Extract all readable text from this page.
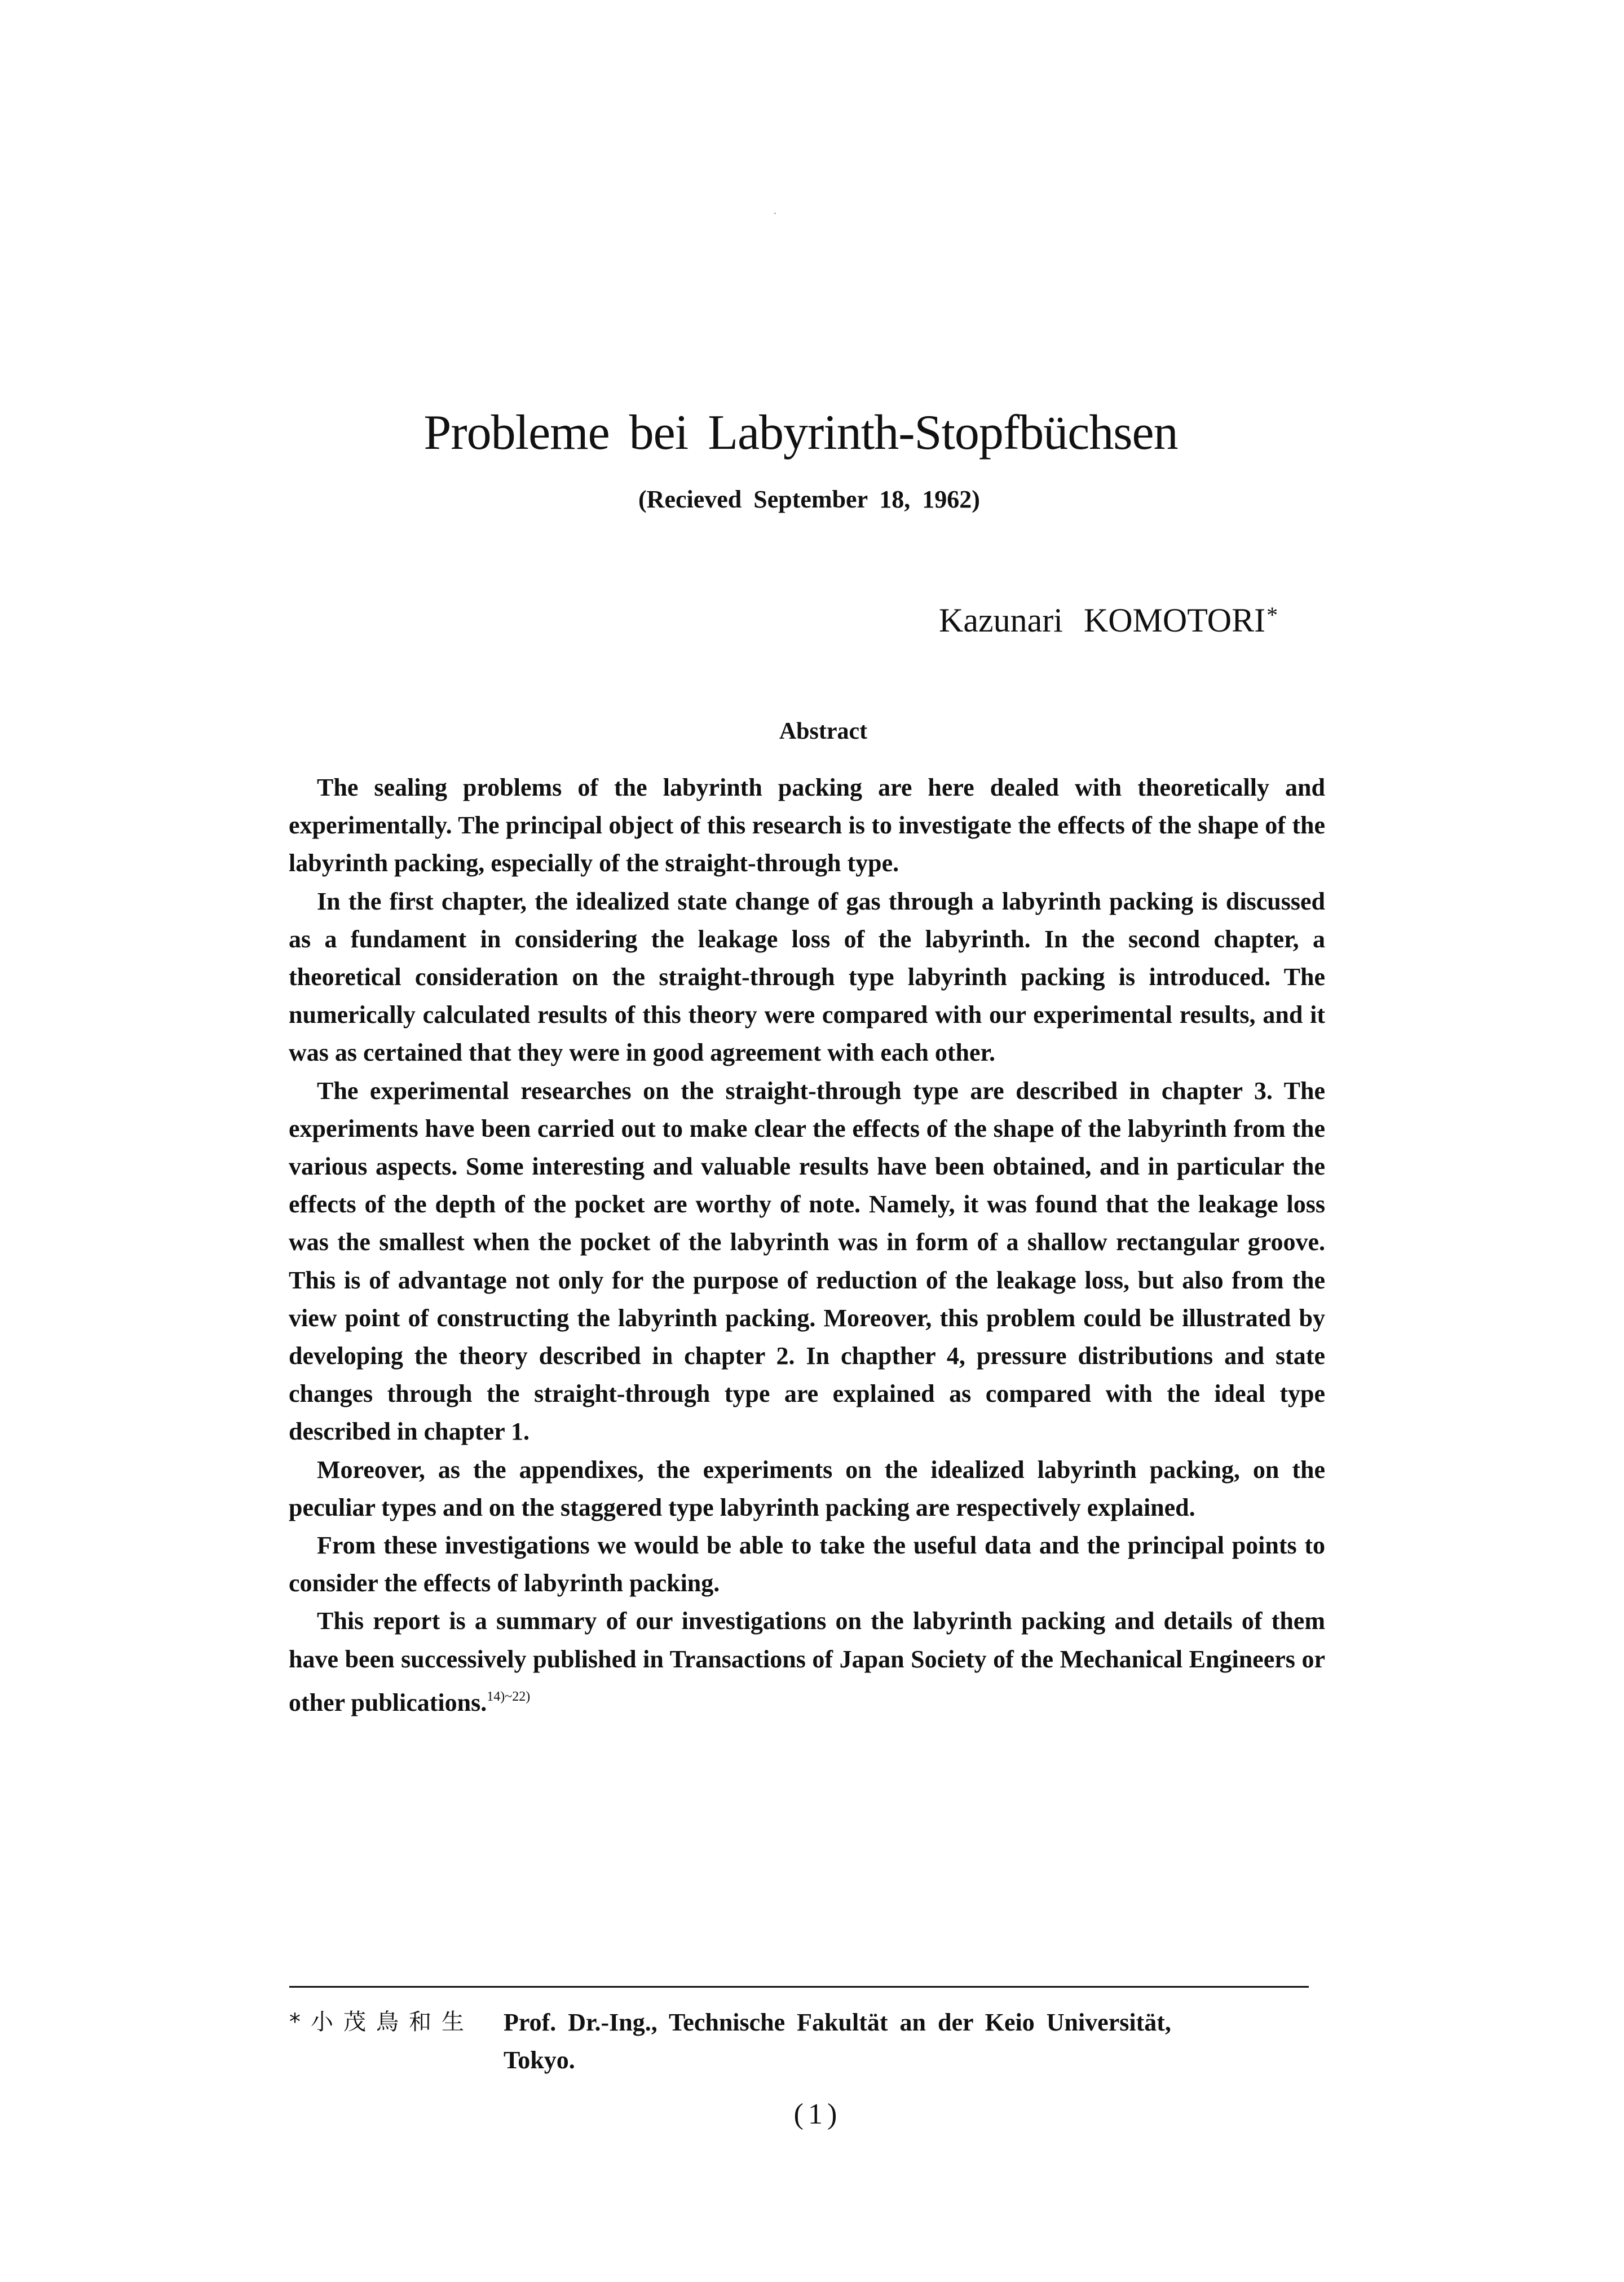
Probleme bei Labyrinth-Stopfbüchsen
(Recieved September 18, 1962)
Kazunari KOMOTORI*
Abstract

The sealing problems of the labyrinth packing are here dealed with theoretically and experimentally. The principal object of this research is to investigate the effects of the shape of the labyrinth packing, especially of the straight-through type.

In the first chapter, the idealized state change of gas through a labyrinth packing is discussed as a fundament in considering the leakage loss of the labyrinth. In the second chapter, a theoretical consideration on the straight-through type labyrinth packing is introduced. The numerically calculated results of this theory were compared with our experimental results, and it was as certained that they were in good agreement with each other.

The experimental researches on the straight-through type are described in chapter 3. The experiments have been carried out to make clear the effects of the shape of the labyrinth from the various aspects. Some interesting and valuable results have been obtained, and in particular the effects of the depth of the pocket are worthy of note. Namely, it was found that the leakage loss was the smallest when the pocket of the labyrinth was in form of a shallow rectangular groove. This is of advantage not only for the purpose of reduction of the leakage loss, but also from the view point of constructing the labyrinth packing. Moreover, this problem could be illustrated by developing the theory described in chapter 2. In chapther 4, pressure distributions and state changes through the straight-through type are explained as compared with the ideal type described in chapter 1.

Moreover, as the appendixes, the experiments on the idealized labyrinth packing, on the peculiar types and on the staggered type labyrinth packing are respectively explained.

From these investigations we would be able to take the useful data and the principal points to consider the effects of labyrinth packing.

This report is a summary of our investigations on the labyrinth packing and details of them have been successively published in Transactions of Japan Society of the Mechanical Engineers or other publications.$^{14)\sim 22)}$

*小茂鳥和生	Prof. Dr.-Ing., Technische Fakultät an der Keio Universität,
Tokyo.
(1)
